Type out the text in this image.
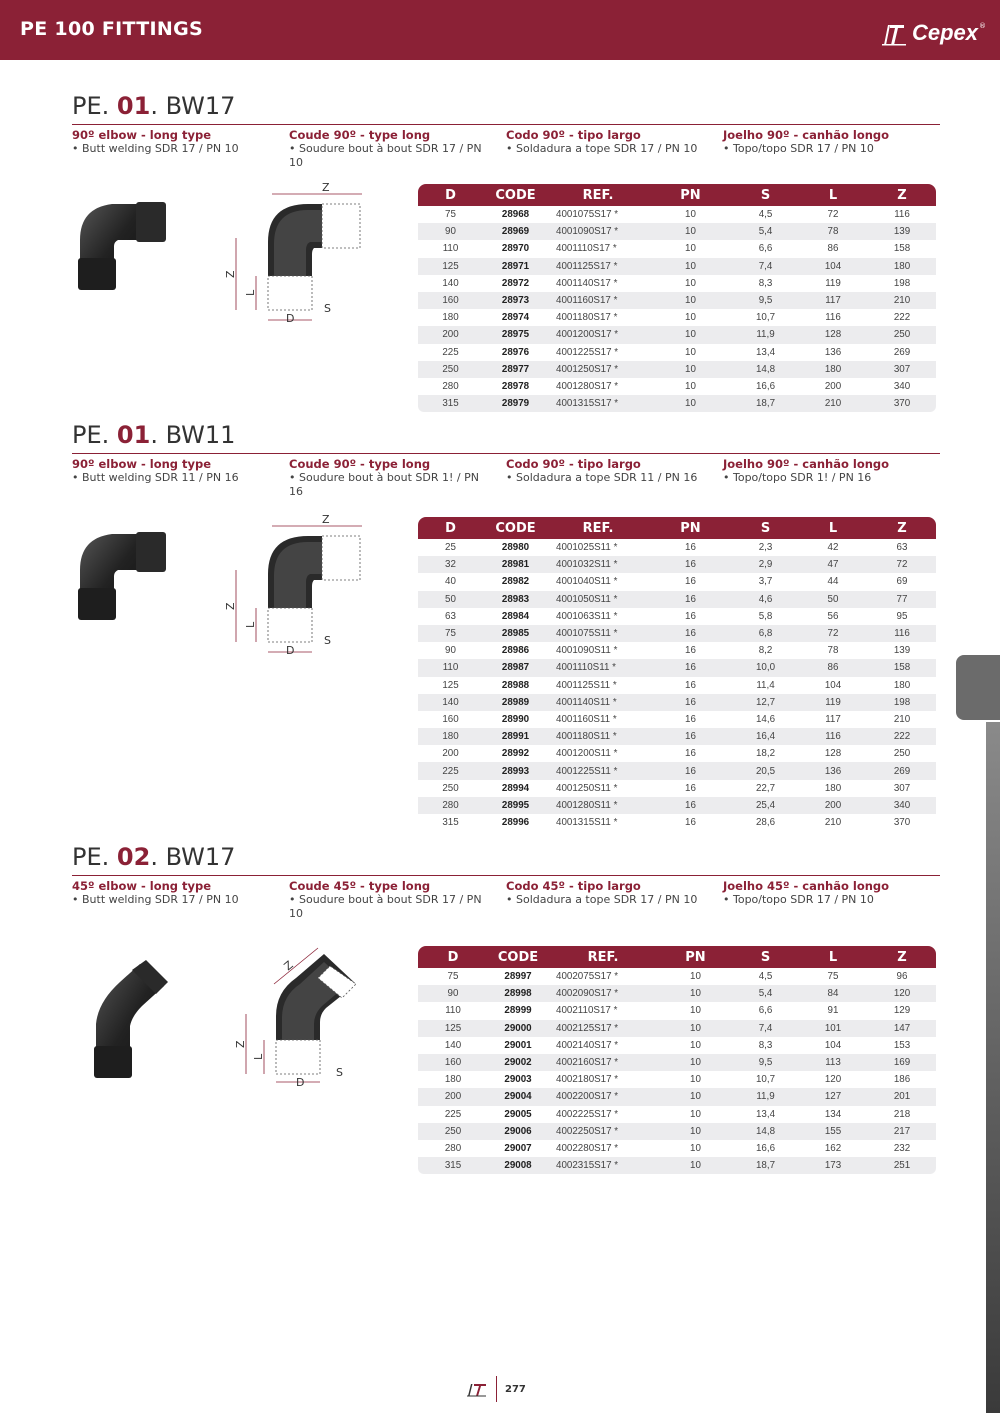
PE 100 FITTINGS	Cepex ®
PE. 01. BW17
90º elbow - long type
• Butt welding SDR 17 / PN 10
Coude 90º - type long
• Soudure bout à bout SDR 17 / PN 10
Codo 90º - tipo largo
• Soldadura a tope SDR 17 / PN 10
Joelho 90º - canhão longo
• Topo/topo SDR 17 / PN 10
Z
Z
L
D
S
D	CODE	REF.	PN	S	L	Z
75	28968	4001075S17 *	10	4,5	72	116
90	28969	4001090S17 *	10	5,4	78	139
110	28970	4001110S17 *	10	6,6	86	158
125	28971	4001125S17 *	10	7,4	104	180
140	28972	4001140S17 *	10	8,3	119	198
160	28973	4001160S17 *	10	9,5	117	210
180	28974	4001180S17 *	10	10,7	116	222
200	28975	4001200S17 *	10	11,9	128	250
225	28976	4001225S17 *	10	13,4	136	269
250	28977	4001250S17 *	10	14,8	180	307
280	28978	4001280S17 *	10	16,6	200	340
315	28979	4001315S17 *	10	18,7	210	370
PE. 01. BW11
90º elbow - long type
• Butt welding SDR 11 / PN 16
Coude 90º - type long
• Soudure bout à bout SDR 1! / PN 16
Codo 90º - tipo largo
• Soldadura a tope SDR 11 / PN 16
Joelho 90º - canhão longo
• Topo/topo SDR 1! / PN 16
Z
Z
L
D
S
D	CODE	REF.	PN	S	L	Z
25	28980	4001025S11 *	16	2,3	42	63
32	28981	4001032S11 *	16	2,9	47	72
40	28982	4001040S11 *	16	3,7	44	69
50	28983	4001050S11 *	16	4,6	50	77
63	28984	4001063S11 *	16	5,8	56	95
75	28985	4001075S11 *	16	6,8	72	116
90	28986	4001090S11 *	16	8,2	78	139
110	28987	4001110S11 *	16	10,0	86	158
125	28988	4001125S11 *	16	11,4	104	180
140	28989	4001140S11 *	16	12,7	119	198
160	28990	4001160S11 *	16	14,6	117	210
180	28991	4001180S11 *	16	16,4	116	222
200	28992	4001200S11 *	16	18,2	128	250
225	28993	4001225S11 *	16	20,5	136	269
250	28994	4001250S11 *	16	22,7	180	307
280	28995	4001280S11 *	16	25,4	200	340
315	28996	4001315S11 *	16	28,6	210	370
PE. 02. BW17
45º elbow - long type
• Butt welding SDR 17 / PN 10
Coude 45º - type long
• Soudure bout à bout SDR 17 / PN 10
Codo 45º - tipo largo
• Soldadura a tope SDR 17 / PN 10
Joelho 45º - canhão longo
• Topo/topo SDR 17 / PN 10
Z
Z
L
D
S
D	CODE	REF.	PN	S	L	Z
75	28997	4002075S17 *	10	4,5	75	96
90	28998	4002090S17 *	10	5,4	84	120
110	28999	4002110S17 *	10	6,6	91	129
125	29000	4002125S17 *	10	7,4	101	147
140	29001	4002140S17 *	10	8,3	104	153
160	29002	4002160S17 *	10	9,5	113	169
180	29003	4002180S17 *	10	10,7	120	186
200	29004	4002200S17 *	10	11,9	127	201
225	29005	4002225S17 *	10	13,4	134	218
250	29006	4002250S17 *	10	14,8	155	217
280	29007	4002280S17 *	10	16,6	162	232
315	29008	4002315S17 *	10	18,7	173	251
277
